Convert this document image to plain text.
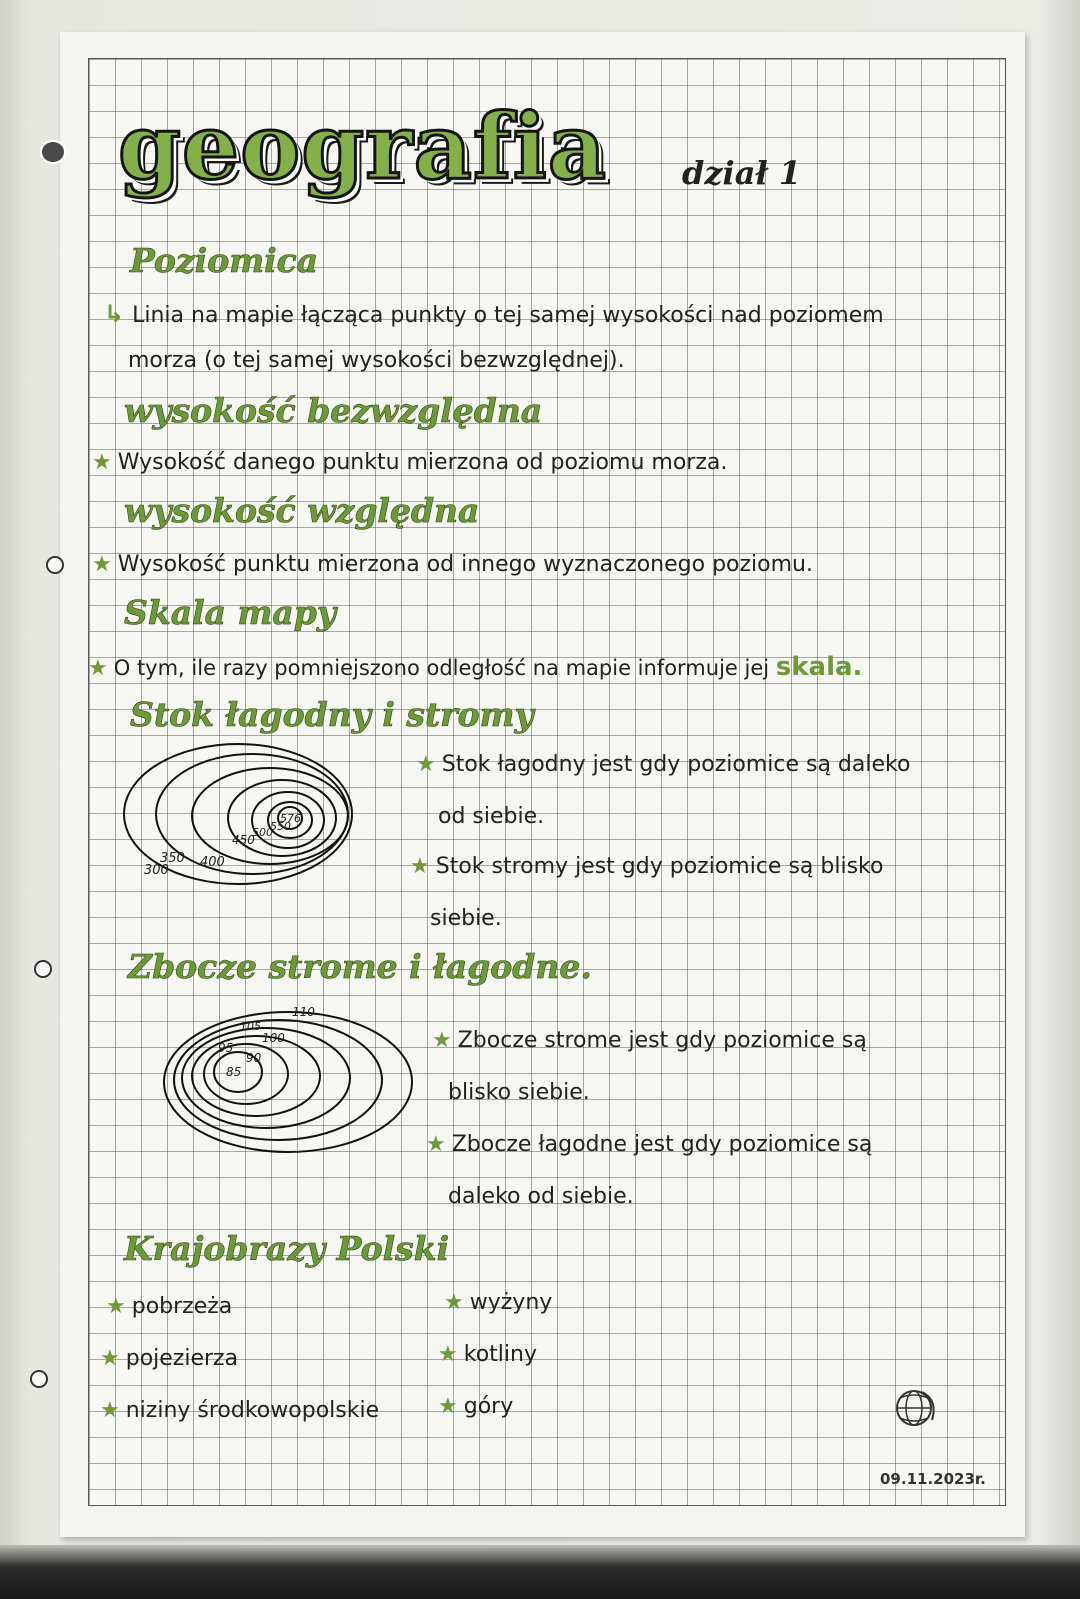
geografia dział 1
Poziomica
↳ Linia na mapie łącząca punkty o tej samej wysokości nad poziomem
morza (o tej samej wysokości bezwzględnej).
wysokość bezwzględna
★ Wysokość danego punktu mierzona od poziomu morza.
wysokość względna
★ Wysokość punktu mierzona od innego wyznaczonego poziomu.
Skala mapy
★ O tym, ile razy pomniejszono odległość na mapie informuje jej skala.
Stok łagodny i stromy
300
350 400
450
500
550
576
★ Stok łagodny jest gdy poziomice są daleko
od siebie.
★ Stok stromy jest gdy poziomice są blisko
siebie.
Zbocze strome i łagodne.
85
90
95
100
105
110
★ Zbocze strome jest gdy poziomice są
blisko siebie.
★ Zbocze łagodne jest gdy poziomice są
daleko od siebie.
Krajobrazy Polski
★ pobrzeża
★ pojezierza
★ niziny środkowopolskie
★ wyżyny
★ kotliny
★ góry
09.11.2023r.
